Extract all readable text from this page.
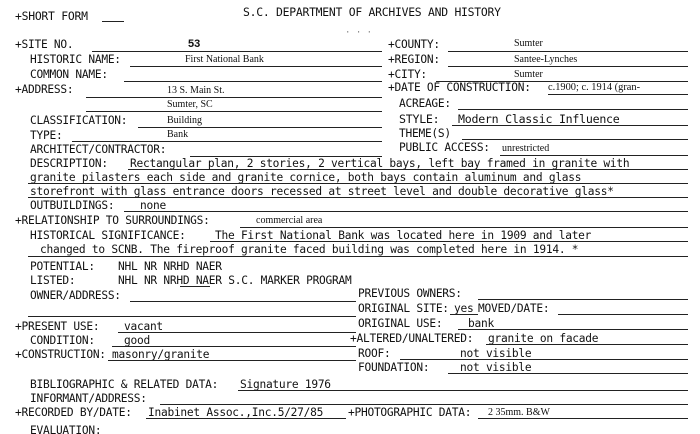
+SHORT FORM	S.C. DEPARTMENT OF ARCHIVES AND HISTORY
+SITE NO.	53
· · ·
+COUNTY:	Sumter
HISTORIC NAME:	First National Bank	+REGION:	Santee-Lynches
COMMON NAME:	+CITY:	Sumter
+ADDRESS:	13 S. Main St.	+DATE OF CONSTRUCTION: c.1900; c. 1914 (gran-
Sumter, SC	ACREAGE:
CLASSIFICATION:	Building	STYLE: Modern Classic Influence
TYPE:	Bank	THEME(S)
ARCHITECT/CONTRACTOR:	PUBLIC ACCESS: unrestricted
DESCRIPTION: Rectangular plan, 2 stories, 2 vertical bays, left bay framed in granite with
granite pilasters each side and granite cornice, both bays contain aluminum and glass
storefront with glass entrance doors recessed at street level and double decorative glass*
OUTBUILDINGS: none
+RELATIONSHIP TO SURROUNDINGS:	commercial area
HISTORICAL SIGNIFICANCE:	The First National Bank was located here in 1909 and later
changed to SCNB. The fireproof granite faced building was completed here in 1914. *
POTENTIAL: NHL NR NRHD NAER
LISTED:	NHL NR NRHD NAER S.C. MARKER PROGRAM
OWNER/ADDRESS:	PREVIOUS OWNERS:
ORIGINAL SITE: yes MOVED/DATE:
+PRESENT USE: vacant	ORIGINAL USE: bank
CONDITION:	good	+ALTERED/UNALTERED: granite on facade
+CONSTRUCTION: masonry/granite	ROOF:	not visible
FOUNDATION:	not visible
BIBLIOGRAPHIC & RELATED DATA: Signature 1976
INFORMANT/ADDRESS:
+RECORDED BY/DATE: Inabinet Assoc.,Inc.5/27/85 +PHOTOGRAPHIC DATA: 2 35mm. B&W
EVALUATION:
